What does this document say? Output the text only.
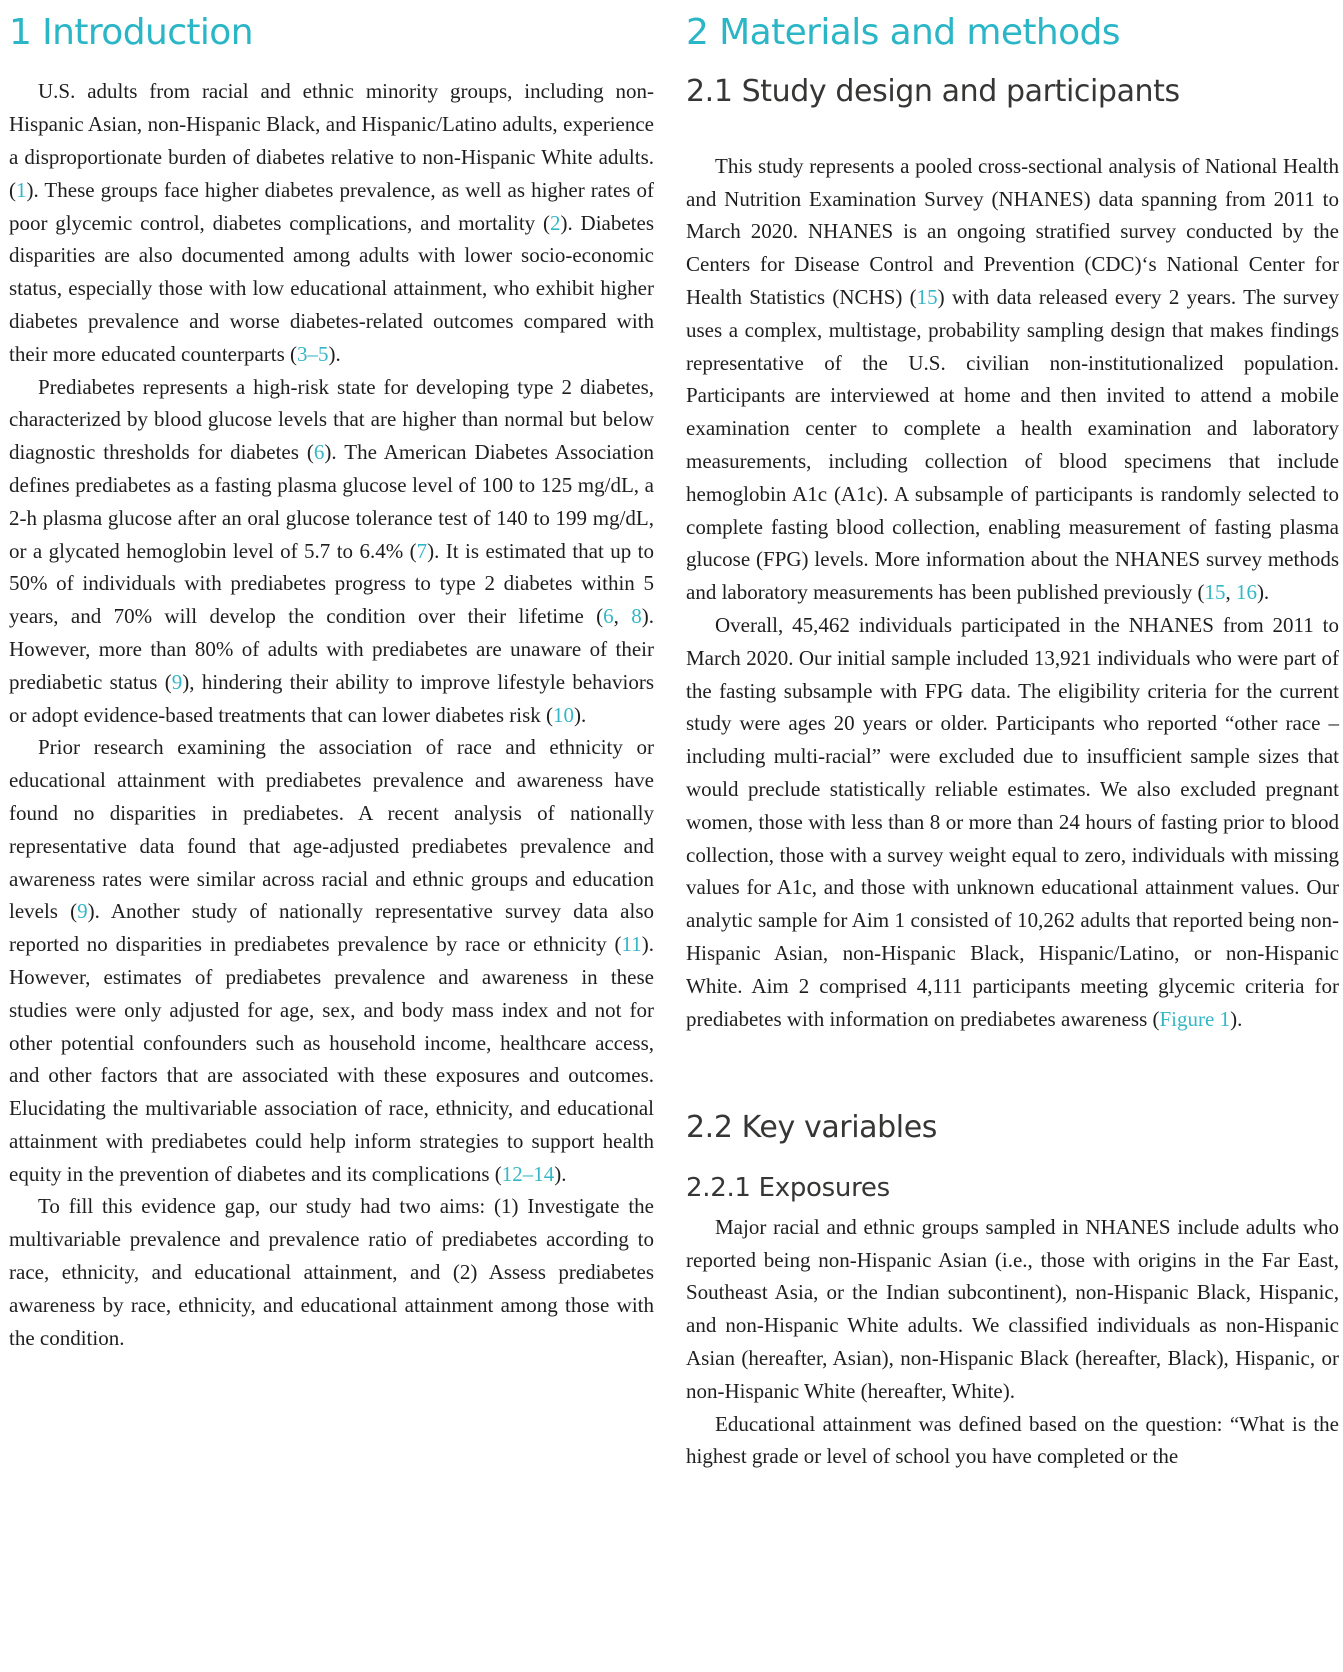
1 Introduction

U.S. adults from racial and ethnic minority groups, including non-Hispanic Asian, non-Hispanic Black, and Hispanic/Latino adults, experience a disproportionate burden of diabetes relative to non-Hispanic White adults. (1). These groups face higher diabetes prevalence, as well as higher rates of poor glycemic control, diabetes complications, and mortality (2). Diabetes disparities are also documented among adults with lower socio-economic status, especially those with low educational attainment, who exhibit higher diabetes prevalence and worse diabetes-related outcomes compared with their more educated counterparts (3–5).

Prediabetes represents a high-risk state for developing type 2 diabetes, characterized by blood glucose levels that are higher than normal but below diagnostic thresholds for diabetes (6). The American Diabetes Association defines prediabetes as a fasting plasma glucose level of 100 to 125 mg/dL, a 2-h plasma glucose after an oral glucose tolerance test of 140 to 199 mg/dL, or a glycated hemoglobin level of 5.7 to 6.4% (7). It is estimated that up to 50% of individuals with prediabetes progress to type 2 diabetes within 5 years, and 70% will develop the condition over their lifetime (6, 8). However, more than 80% of adults with prediabetes are unaware of their prediabetic status (9), hindering their ability to improve lifestyle behaviors or adopt evidence-based treatments that can lower diabetes risk (10).

Prior research examining the association of race and ethnicity or educational attainment with prediabetes prevalence and awareness have found no disparities in prediabetes. A recent analysis of nationally representative data found that age-adjusted prediabetes prevalence and awareness rates were similar across racial and ethnic groups and education levels (9). Another study of nationally representative survey data also reported no disparities in prediabetes prevalence by race or ethnicity (11). However, estimates of prediabetes prevalence and awareness in these studies were only adjusted for age, sex, and body mass index and not for other potential confounders such as household income, healthcare access, and other factors that are associated with these exposures and outcomes. Elucidating the multivariable association of race, ethnicity, and educational attainment with prediabetes could help inform strategies to support health equity in the prevention of diabetes and its complications (12–14).

To fill this evidence gap, our study had two aims: (1) Investigate the multivariable prevalence and prevalence ratio of prediabetes according to race, ethnicity, and educational attainment, and (2) Assess prediabetes awareness by race, ethnicity, and educational attainment among those with the condition.

2 Materials and methods
2.1 Study design and participants

This study represents a pooled cross-sectional analysis of National Health and Nutrition Examination Survey (NHANES) data spanning from 2011 to March 2020. NHANES is an ongoing stratified survey conducted by the Centers for Disease Control and Prevention (CDC)‘s National Center for Health Statistics (NCHS) (15) with data released every 2 years. The survey uses a complex, multistage, probability sampling design that makes findings representative of the U.S. civilian non-institutionalized population. Participants are interviewed at home and then invited to attend a mobile examination center to complete a health examination and laboratory measurements, including collection of blood specimens that include hemoglobin A1c (A1c). A subsample of participants is randomly selected to complete fasting blood collection, enabling measurement of fasting plasma glucose (FPG) levels. More information about the NHANES survey methods and laboratory measurements has been published previously (15, 16).

Overall, 45,462 individuals participated in the NHANES from 2011 to March 2020. Our initial sample included 13,921 individuals who were part of the fasting subsample with FPG data. The eligibility criteria for the current study were ages 20 years or older. Participants who reported “other race – including multi-racial” were excluded due to insufficient sample sizes that would preclude statistically reliable estimates. We also excluded pregnant women, those with less than 8 or more than 24 hours of fasting prior to blood collection, those with a survey weight equal to zero, individuals with missing values for A1c, and those with unknown educational attainment values. Our analytic sample for Aim 1 consisted of 10,262 adults that reported being non-Hispanic Asian, non-Hispanic Black, Hispanic/Latino, or non-Hispanic White. Aim 2 comprised 4,111 participants meeting glycemic criteria for prediabetes with information on prediabetes awareness (Figure 1).

2.2 Key variables
2.2.1 Exposures

Major racial and ethnic groups sampled in NHANES include adults who reported being non-Hispanic Asian (i.e., those with origins in the Far East, Southeast Asia, or the Indian subcontinent), non-Hispanic Black, Hispanic, and non-Hispanic White adults. We classified individuals as non-Hispanic Asian (hereafter, Asian), non-Hispanic Black (hereafter, Black), Hispanic, or non-Hispanic White (hereafter, White).

Educational attainment was defined based on the question: “What is the highest grade or level of school you have completed or the
